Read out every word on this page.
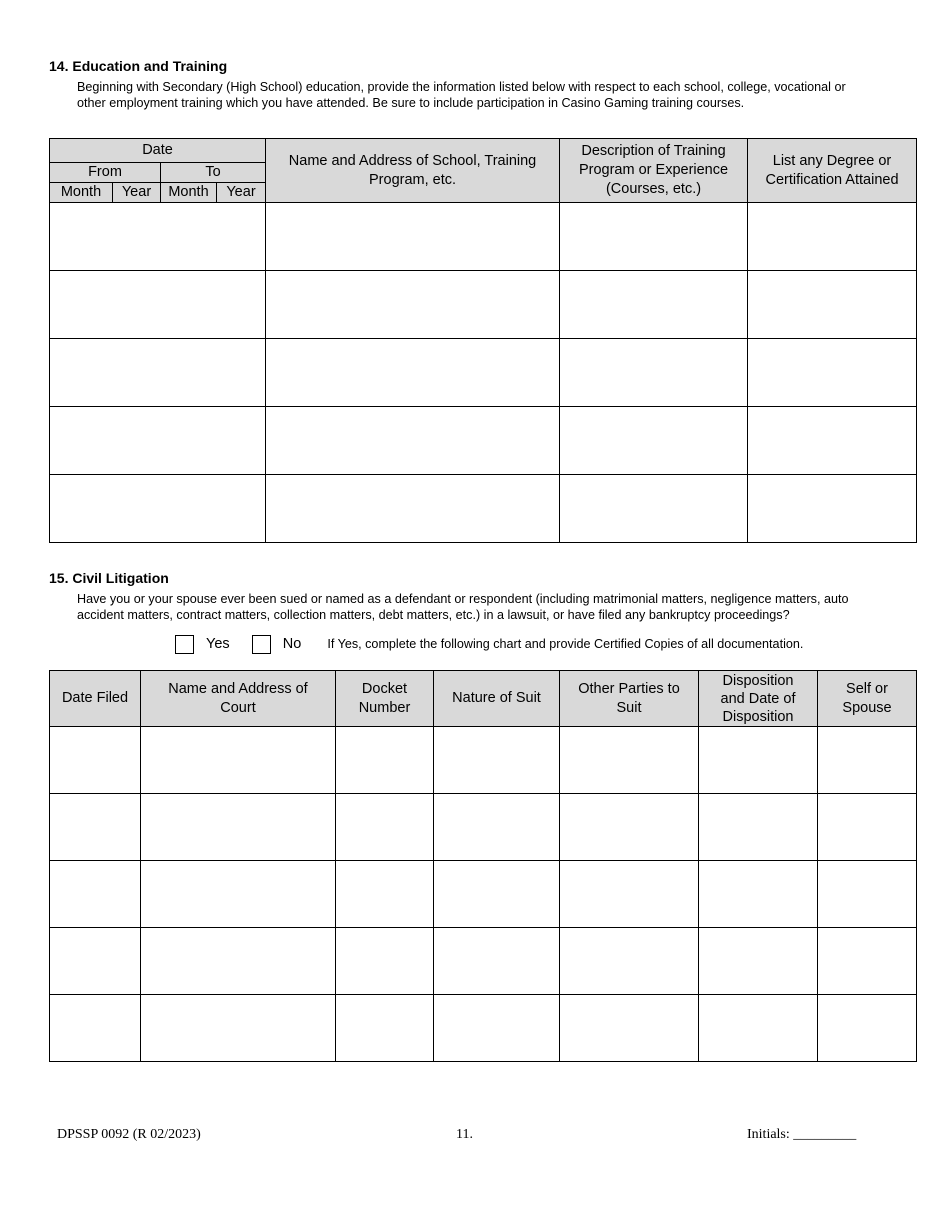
14. Education and Training
Beginning with Secondary (High School) education, provide the information listed below with respect to each school, college, vocational or other employment training which you have attended. Be sure to include participation in Casino Gaming training courses.
Date				Name and Address of School, Training Program, etc.	Description of Training Program or Experience (Courses, etc.)	List any Degree or Certification Attained
From		To				
Month	Year	Month	Year			

15. Civil Litigation
Have you or your spouse ever been sued or named as a defendant or respondent (including matrimonial matters, negligence matters, auto accident matters, contract matters, collection matters, debt matters, etc.) in a lawsuit, or have filed any bankruptcy proceedings?
Yes	No If Yes, complete the following chart and provide Certified Copies of all documentation.
Date Filed	Name and Address of Court	Docket Number	Nature of Suit	Other Parties to Suit	Disposition and Date of Disposition	Self or Spouse

DPSSP 0092 (R 02/2023)	11.	Initials: _________
